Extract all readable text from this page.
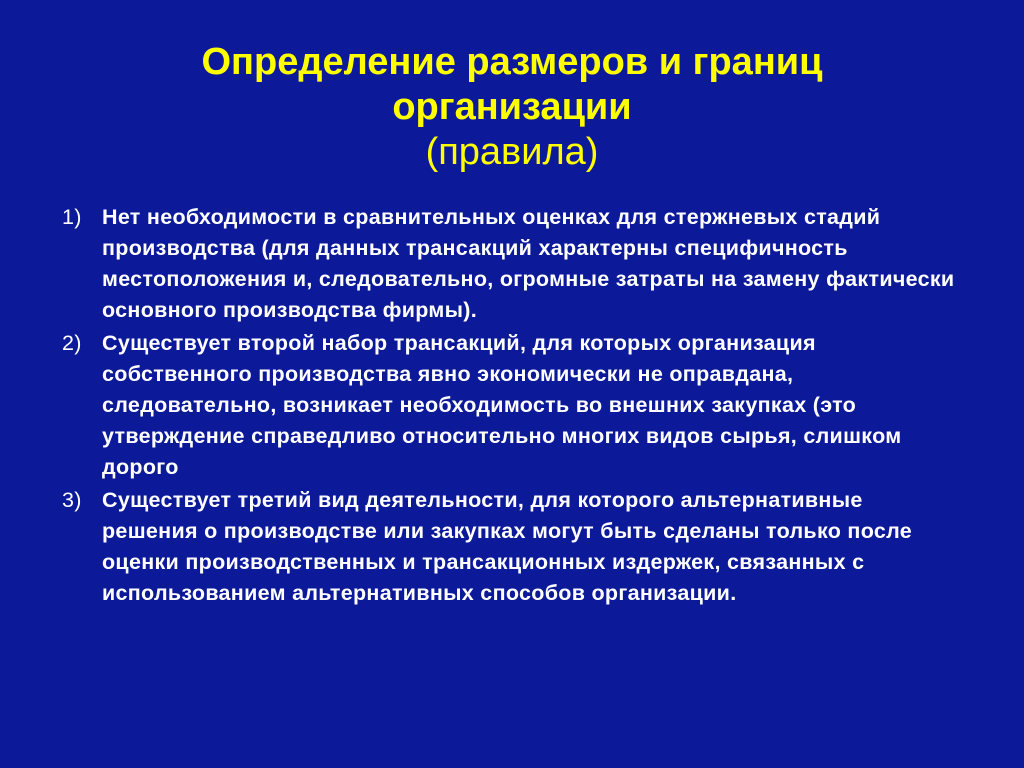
Определение размеров и границ
организации
(правила)
1) Нет необходимости в сравнительных оценках для стержневых стадий производства (для данных трансакций характерны специфичность местоположения и, следовательно, огромные затраты на замену фактически основного производства фирмы).
2) Существует второй набор трансакций, для которых организация собственного производства явно экономически не оправдана, следовательно, возникает необходимость во внешних закупках (это утверждение справедливо относительно многих видов сырья, слишком дорого
3) Существует третий вид деятельности, для которого альтернативные решения о производстве или закупках могут быть сделаны только после оценки производственных и трансакционных издержек, связанных с использованием альтернативных способов организации.
